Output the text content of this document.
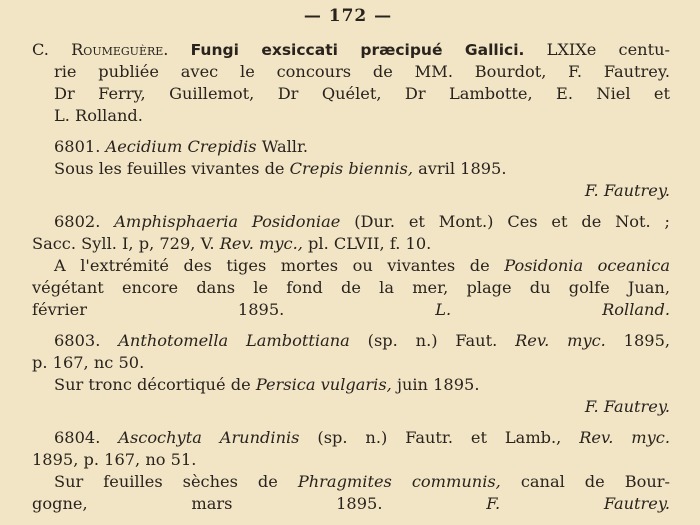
— 172 —
C. Roumeguère. Fungi exsiccati præcipué Gallici. LXIXe centu-
rie publiée avec le concours de MM. Bourdot, F. Fautrey.
Dr Ferry, Guillemot, Dr Quélet, Dr Lambotte, E. Niel et
L. Rolland.
6801. Aecidium Crepidis Wallr.
Sous les feuilles vivantes de Crepis biennis, avril 1895.
F. Fautrey.
6802. Amphisphaeria Posidoniae (Dur. et Mont.) Ces et de Not. ;
Sacc. Syll. I, p, 729, V. Rev. myc., pl. CLVII, f. 10.
A l'extrémité des tiges mortes ou vivantes de Posidonia oceanica
végétant encore dans le fond de la mer, plage du golfe Juan,
février 1895.	L. Rolland.
6803. Anthotomella Lambottiana (sp. n.) Faut. Rev. myc. 1895,
p. 167, nc 50.
Sur tronc décortiqué de Persica vulgaris, juin 1895.
F. Fautrey.
6804. Ascochyta Arundinis (sp. n.) Fautr. et Lamb., Rev. myc.
1895, p. 167, no 51.
Sur feuilles sèches de Phragmites communis, canal de Bour-
gogne, mars 1895.	F. Fautrey.
